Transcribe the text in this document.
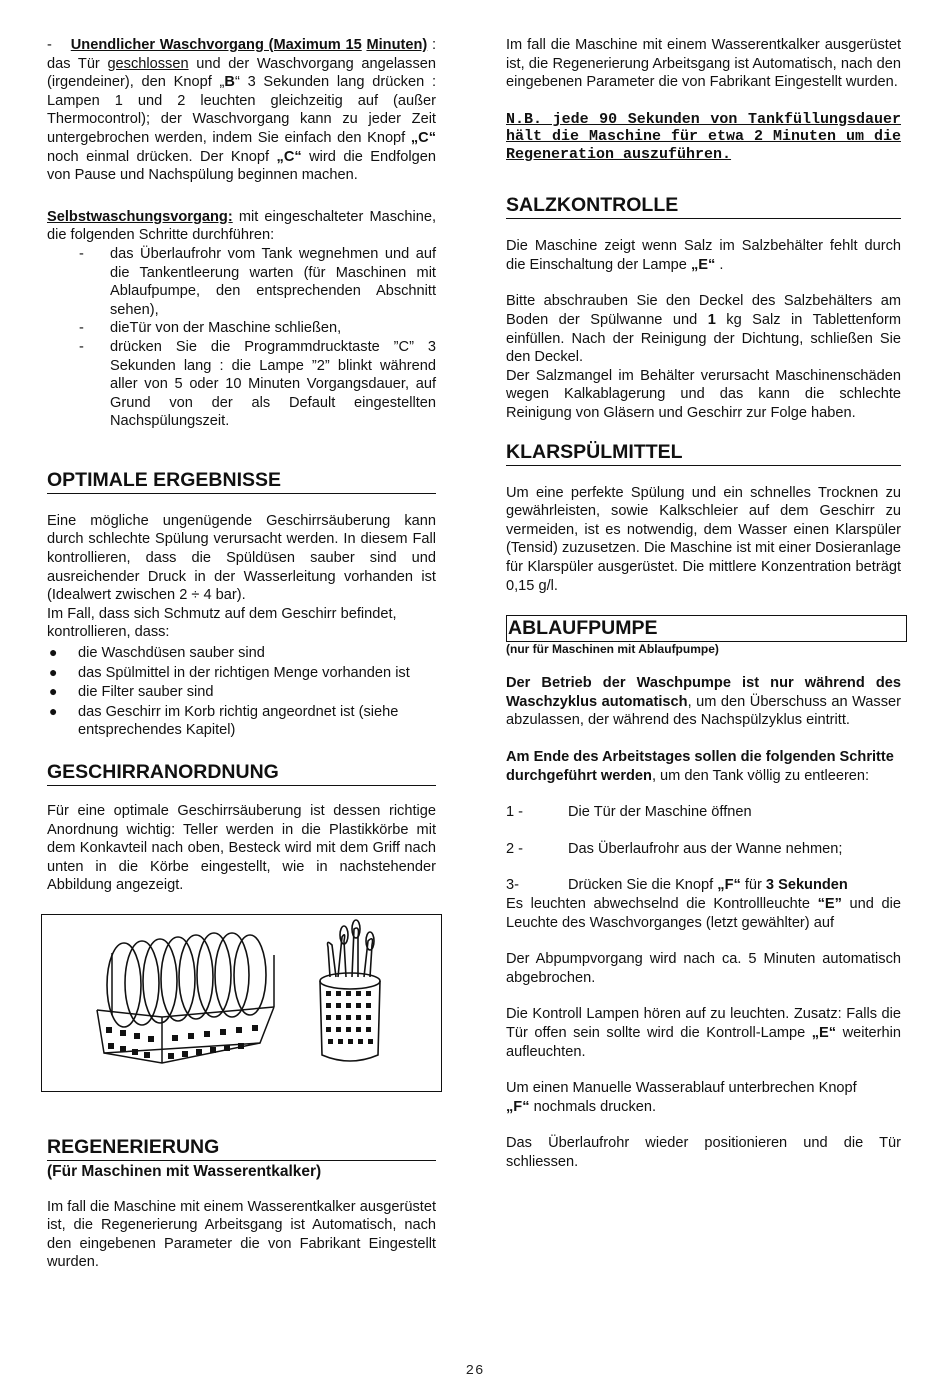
- Unendlicher Waschvorgang (Maximum 15 Minuten) : das Tür geschlossen und der Waschvorgang angelassen (irgendeiner), den Knopf „B“ 3 Sekunden lang drücken : Lampen 1 und 2 leuchten gleichzeitig auf (außer Thermocontrol); der Waschvorgang kann zu jeder Zeit untergebrochen werden, indem Sie einfach den Knopf „C“ noch einmal drücken. Der Knopf „C“ wird die Endfolgen von Pause und Nachspülung beginnen machen.

Selbstwaschungsvorgang: mit eingeschalteter Maschine, die folgenden Schritte durchführen:

- das Überlaufrohr vom Tank wegnehmen und auf die Tankentleerung warten (für Maschinen mit Ablaufpumpe, den entsprechenden Abschnitt sehen),
- dieTür von der Maschine schließen,
- drücken Sie die Programmdrucktaste ”C” 3 Sekunden lang : die Lampe ”2” blinkt während aller von 5 oder 10 Minuten Vorgangsdauer, auf Grund von der als Default eingestellten Nachspülungszeit.
OPTIMALE ERGEBNISSE

Eine mögliche ungenügende Geschirrsäuberung kann durch schlechte Spülung verursacht werden. In diesem Fall kontrollieren, dass die Spüldüsen sauber sind und ausreichender Druck in der Wasserleitung vorhanden ist (Idealwert zwischen 2 ÷ 4 bar).

Im Fall, dass sich Schmutz auf dem Geschirr befindet, kontrollieren, dass:

● die Waschdüsen sauber sind
● das Spülmittel in der richtigen Menge vorhanden ist
● die Filter sauber sind
● das Geschirr im Korb richtig angeordnet ist (siehe entsprechendes Kapitel)
GESCHIRRANORDNUNG

Für eine optimale Geschirrsäuberung ist dessen richtige Anordnung wichtig: Teller werden in die Plastikkörbe mit dem Konkavteil nach oben, Besteck wird mit dem Griff nach unten in die Körbe eingestellt, wie in nachstehender Abbildung angezeigt.

REGENERIERUNG
(Für Maschinen mit Wasserentkalker)

Im fall die Maschine mit einem Wasserentkalker ausgerüstet ist, die Regenerierung Arbeitsgang ist Automatisch, nach den eingebenen Parameter die von Fabrikant Eingestellt wurden.

Im fall die Maschine mit einem Wasserentkalker ausgerüstet ist, die Regenerierung Arbeitsgang ist Automatisch, nach den eingebenen Parameter die von Fabrikant Eingestellt wurden.

N.B. jede 90 Sekunden von Tankfüllungsdauer hält die Maschine für etwa 2 Minuten um die Regeneration auszuführen.

SALZKONTROLLE

Die Maschine zeigt wenn Salz im Salzbehälter fehlt durch die Einschaltung der Lampe „E“ .

Bitte abschrauben Sie den Deckel des Salzbehälters am Boden der Spülwanne und 1 kg Salz in Tablettenform einfüllen. Nach der Reinigung der Dichtung, schließen Sie den Deckel.

Der Salzmangel im Behälter verursacht Maschinenschäden wegen Kalkablagerung und das kann die schlechte Reinigung von Gläsern und Geschirr zur Folge haben.

KLARSPÜLMITTEL

Um eine perfekte Spülung und ein schnelles Trocknen zu gewährleisten, sowie Kalkschleier auf dem Geschirr zu vermeiden, ist es notwendig, dem Wasser einen Klarspüler (Tensid) zuzusetzen. Die Maschine ist mit einer Dosieranlage für Klarspüler ausgerüstet. Die mittlere Konzentration beträgt 0,15 g/l.

ABLAUFPUMPE
(nur für Maschinen mit Ablaufpumpe)

Der Betrieb der Waschpumpe ist nur während des Waschzyklus automatisch, um den Überschuss an Wasser abzulassen, der während des Nachspülzyklus eintritt.

Am Ende des Arbeitstages sollen die folgenden Schritte durchgeführt werden, um den Tank völlig zu entleeren:

1 -	Die Tür der Maschine öffnen
2 -	Das Überlaufrohr aus der Wanne nehmen;
3-	Drücken Sie die Knopf „F“ für 3 Sekunden

Es leuchten abwechselnd die Kontrollleuchte “E” und die Leuchte des Waschvorganges (letzt gewählter) auf

Der Abpumpvorgang wird nach ca. 5 Minuten automatisch abgebrochen.

Die Kontroll Lampen hören auf zu leuchten. Zusatz: Falls die Tür offen sein sollte wird die Kontroll-Lampe „E“ weiterhin aufleuchten.

Um einen Manuelle Wasserablauf unterbrechen Knopf
„F“ nochmals drucken.

Das Überlaufrohr wieder positionieren und die Tür schliessen.

26
